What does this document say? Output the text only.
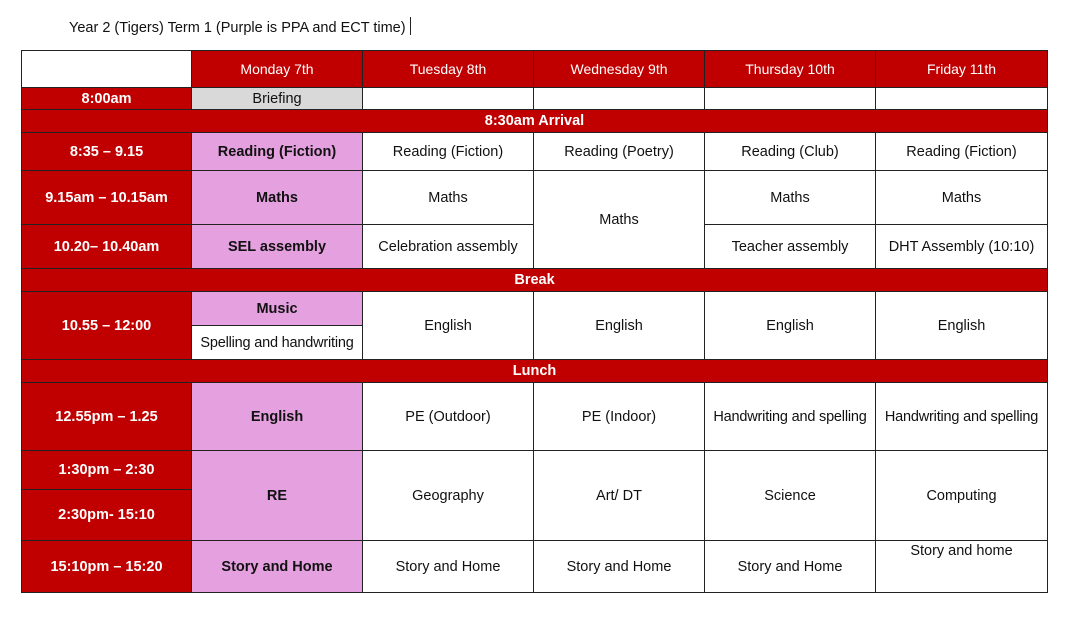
Year 2 (Tigers) Term 1 (Purple is PPA and ECT time)
	Monday 7th	Tuesday 8th	Wednesday 9th	Thursday 10th	Friday 11th
8:00am	Briefing				
8:30am Arrival					
8:35 – 9.15	Reading (Fiction)	Reading (Fiction)	Reading (Poetry)	Reading (Club)	Reading (Fiction)
9.15am – 10.15am	Maths	Maths	Maths	Maths	Maths
10.20– 10.40am	SEL assembly	Celebration assembly		Teacher assembly	DHT Assembly (10:10)
Break					
10.55 – 12:00	Music	English	English	English	English
	Spelling and handwriting				
Lunch					
12.55pm – 1.25	English	PE (Outdoor)	PE (Indoor)	Handwriting and spelling	Handwriting and spelling
1:30pm – 2:30	RE	Geography	Art/ DT	Science	Computing
2:30pm- 15:10					
15:10pm – 15:20	Story and Home	Story and Home	Story and Home	Story and Home	Story and home
